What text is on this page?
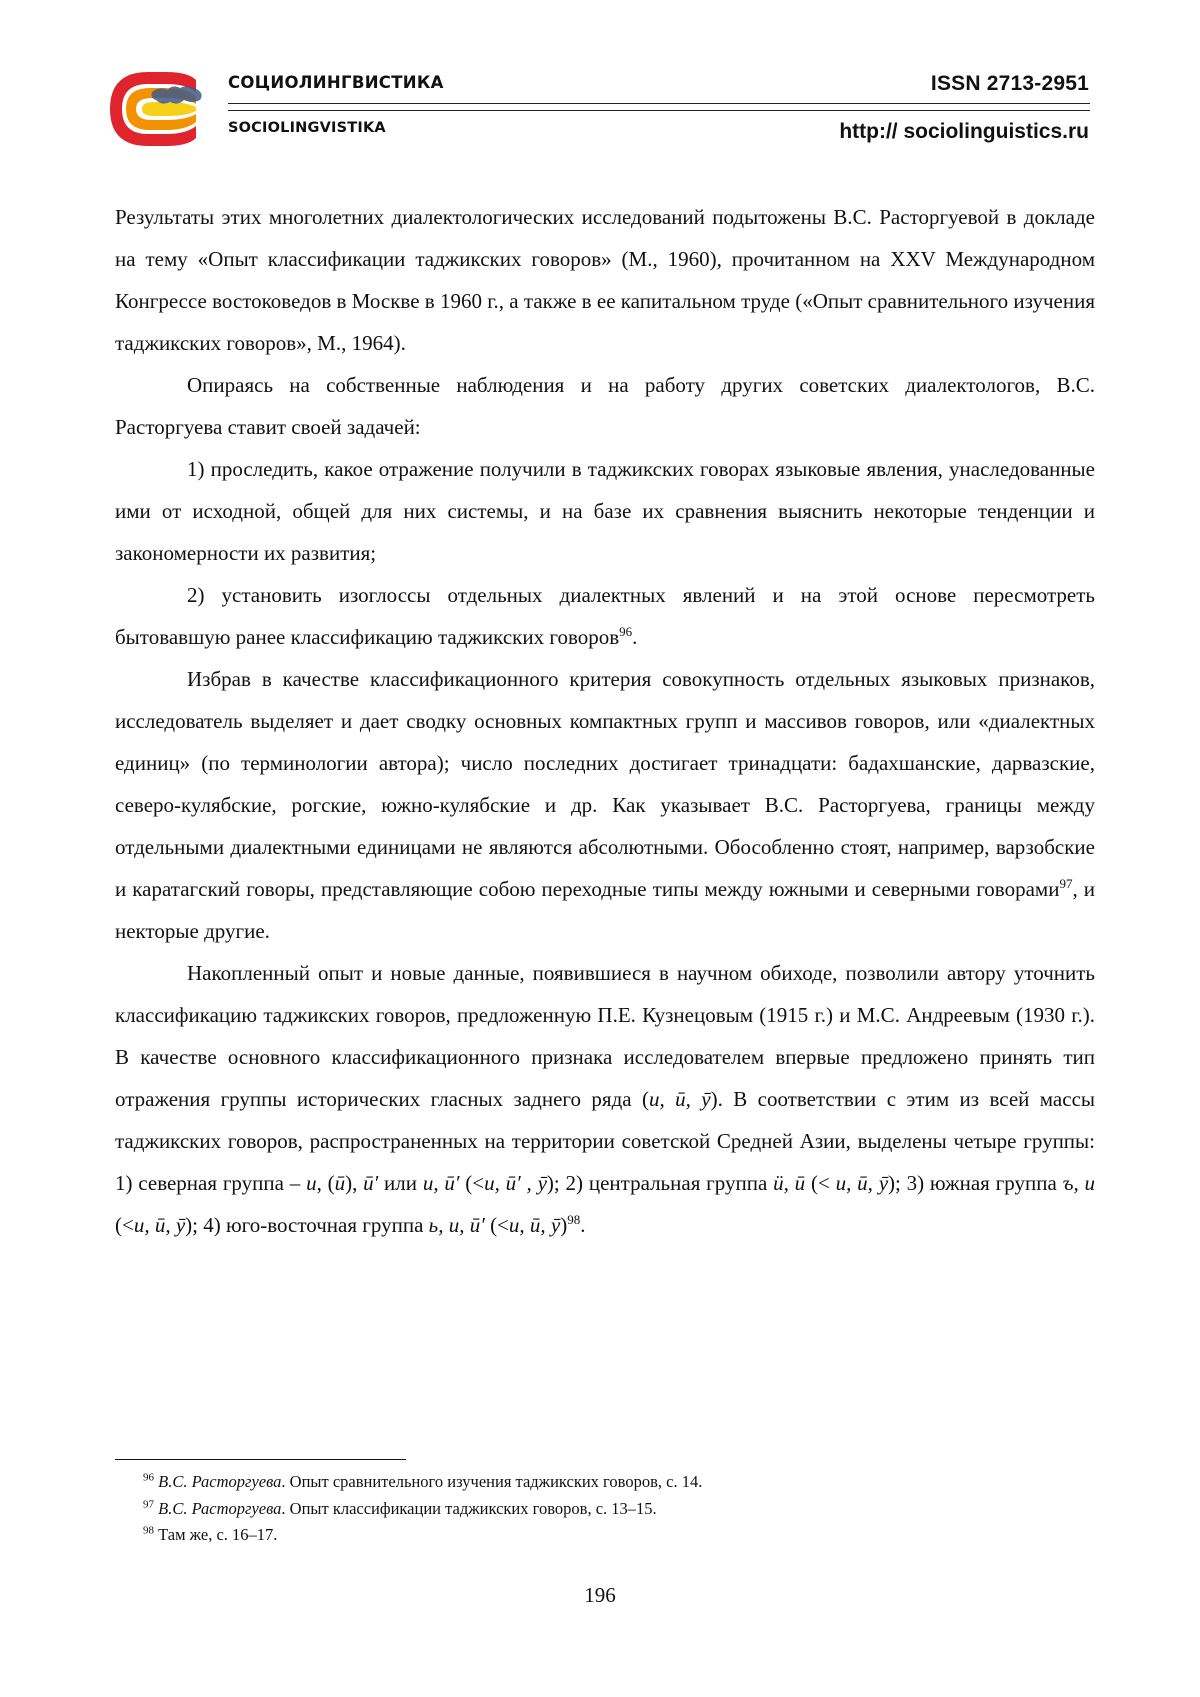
СОЦИОЛИНГВИСТИКА
SOCIOLINGVISTIKA
ISSN 2713-2951
http:// sociolinguistics.ru

Результаты этих многолетних диалектологических исследований подытожены В.С. Расторгуевой в докладе на тему «Опыт классификации таджикских говоров» (М., 1960), прочитанном на XXV Международном Конгрессе востоковедов в Москве в 1960 г., а также в ее капитальном труде («Опыт сравнительного изучения таджикских говоров», М., 1964).

Опираясь на собственные наблюдения и на работу других советских диалектологов, В.С. Расторгуева ставит своей задачей:

1) проследить, какое отражение получили в таджикских говорах языковые явления, унаследованные ими от исходной, общей для них системы, и на базе их сравнения выяснить некоторые тенденции и закономерности их развития;

2) установить изоглоссы отдельных диалектных явлений и на этой основе пересмотреть бытовавшую ранее классификацию таджикских говоров$^{96}$.

Избрав в качестве классификационного критерия совокупность отдельных языковых признаков, исследователь выделяет и дает сводку основных компактных групп и массивов говоров, или «диалектных единиц» (по терминологии автора); число последних достигает тринадцати: бадахшанские, дарвазские, северо-кулябские, рогские, южно-кулябские и др. Как указывает В.С. Расторгуева, границы между отдельными диалектными единицами не являются абсолютными. Обособленно стоят, например, варзобские и каратагский говоры, представляющие собою переходные типы между южными и северными говорами$^{97}$, и некторые другие.

Накопленный опыт и новые данные, появившиеся в научном обиходе, позволили автору уточнить классификацию таджикских говоров, предложенную П.Е. Кузнецовым (1915 г.) и М.С. Андреевым (1930 г.). В качестве основного классификационного признака исследователем впервые предложено принять тип отражения группы исторических гласных заднего ряда (и, ӣ, ӯ). В соответствии с этим из всей массы таджикских говоров, распространенных на территории советской Средней Азии, выделены четыре группы: 1) северная группа – и, (ӣ), ӣ′ или и, ӣ′ (<и, ӣ′ , ӯ); 2) центральная группа ӥ, ӣ (< и, ӣ, ӯ); 3) южная группа ъ, и (<и, ӣ, ӯ); 4) юго-восточная группа ь, и, ӣ′ (<и, ӣ, ӯ)$^{98}$.

$^{96}$ В.С. Расторгуева. Опыт сравнительного изучения таджикских говоров, с. 14.
$^{97}$ В.С. Расторгуева. Опыт классификации таджикских говоров, с. 13–15.
$^{98}$ Там же, с. 16–17.
196
